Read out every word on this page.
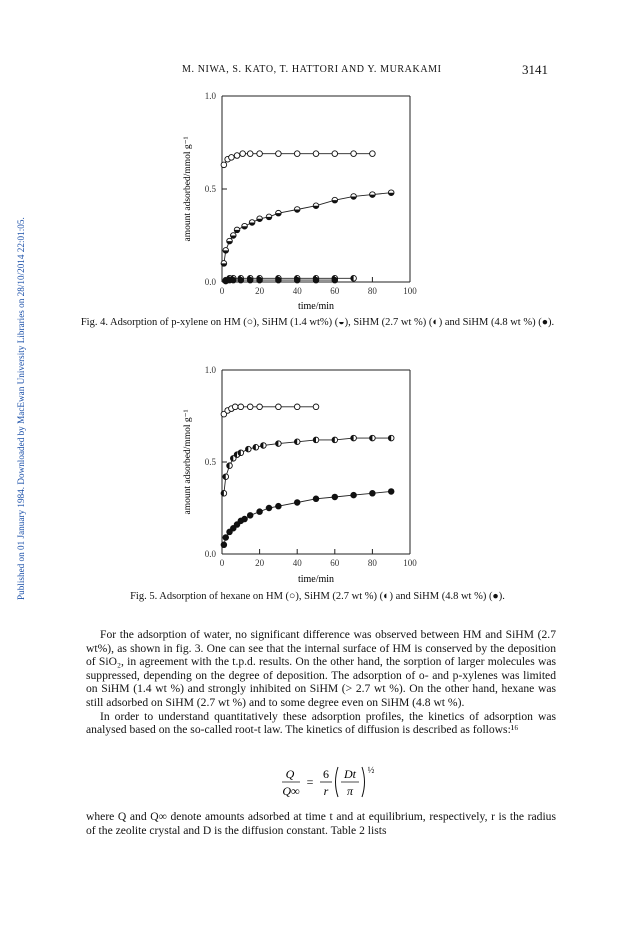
Published on 01 January 1984. Downloaded by MacEwan University Libraries on 28/10/2014 22:01:05.
M. NIWA, S. KATO, T. HATTORI AND Y. MURAKAMI	3141
0	20	40	60	80	100
0.0
0.5
1.0
time/min
amount adsorbed/mmol g⁻¹
Fig. 4. Adsorption of p-xylene on HM (○), SiHM (1.4 wt%) (◒), SiHM (2.7 wt %) (◐) and SiHM (4.8 wt %) (●).
0	20	40	60	80	100
0.0
0.5
1.0
time/min
amount adsorbed/mmol g⁻¹
Fig. 5. Adsorption of hexane on HM (○), SiHM (2.7 wt %) (◐) and SiHM (4.8 wt %) (●).

For the adsorption of water, no significant difference was observed between HM and SiHM (2.7 wt%), as shown in fig. 3. One can see that the internal surface of HM is conserved by the deposition of SiO₂, in agreement with the t.p.d. results. On the other hand, the sorption of larger molecules was suppressed, depending on the degree of deposition. The adsorption of o- and p-xylenes was limited on SiHM (1.4 wt %) and strongly inhibited on SiHM (> 2.7 wt %). On the other hand, hexane was still adsorbed on SiHM (2.7 wt %) and to some degree even on SiHM (4.8 wt %).

In order to understand quantitatively these adsorption profiles, the kinetics of adsorption was analysed based on the so-called root-t law. The kinetics of diffusion is described as follows:¹⁶

Q
Q∞
=
6
r
Dt
π
½

where Q and Q∞ denote amounts adsorbed at time t and at equilibrium, respectively, r is the radius of the zeolite crystal and D is the diffusion constant. Table 2 lists
